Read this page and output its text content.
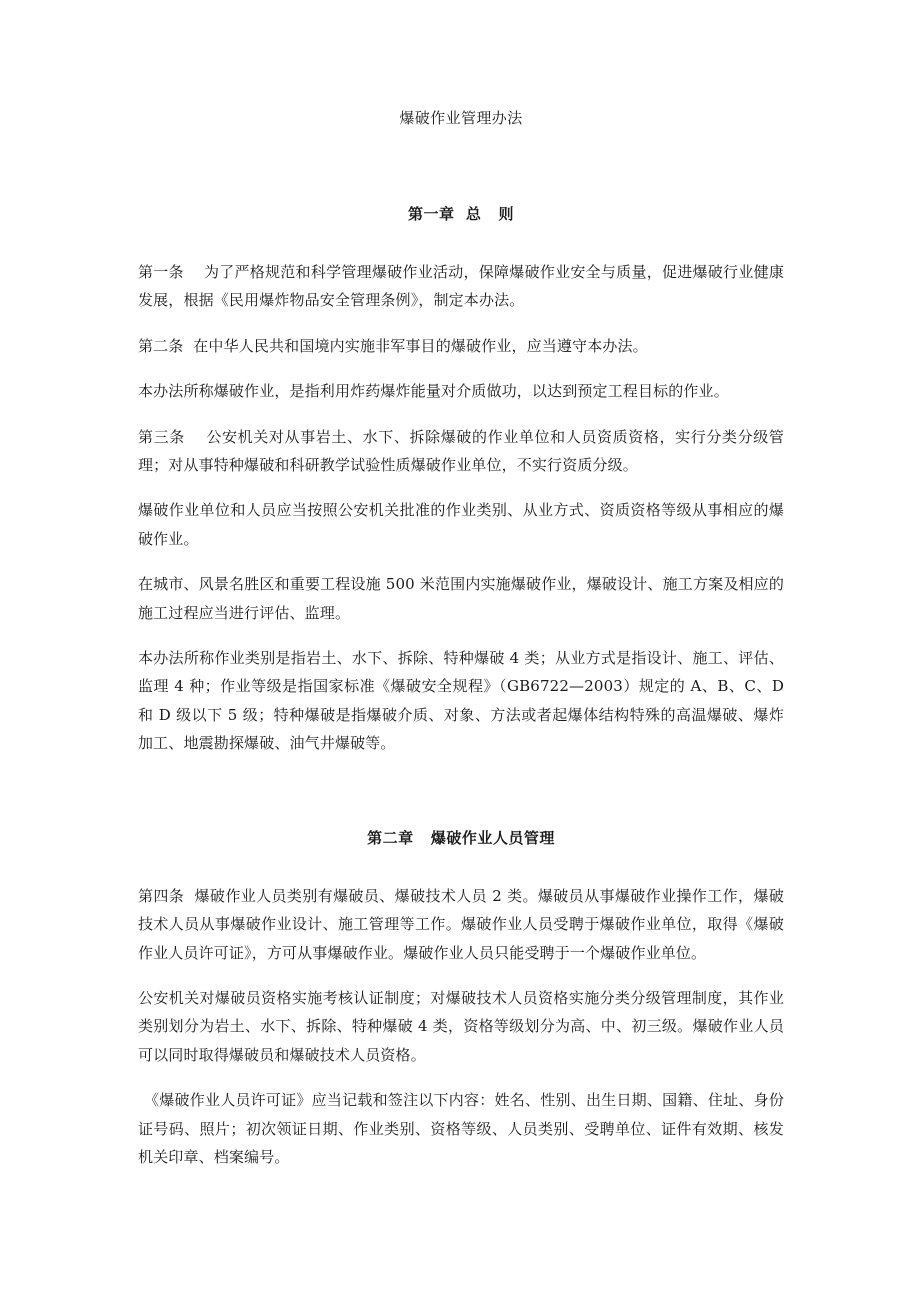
爆破作业管理办法
第一章  总   则

第一条    为了严格规范和科学管理爆破作业活动，保障爆破作业安全与质量，促进爆破行业健康发展，根据《民用爆炸物品安全管理条例》，制定本办法。

第二条  在中华人民共和国境内实施非军事目的爆破作业，应当遵守本办法。

本办法所称爆破作业，是指利用炸药爆炸能量对介质做功，以达到预定工程目标的作业。

第三条    公安机关对从事岩土、水下、拆除爆破的作业单位和人员资质资格，实行分类分级管理；对从事特种爆破和科研教学试验性质爆破作业单位，不实行资质分级。

爆破作业单位和人员应当按照公安机关批准的作业类别、从业方式、资质资格等级从事相应的爆破作业。

在城市、风景名胜区和重要工程设施 500 米范围内实施爆破作业，爆破设计、施工方案及相应的施工过程应当进行评估、监理。

本办法所称作业类别是指岩土、水下、拆除、特种爆破 4 类；从业方式是指设计、施工、评估、监理 4 种；作业等级是指国家标准《爆破安全规程》（GB6722—2003）规定的 A、B、C、D 和 D 级以下 5 级；特种爆破是指爆破介质、对象、方法或者起爆体结构特殊的高温爆破、爆炸加工、地震勘探爆破、油气井爆破等。

第二章   爆破作业人员管理

第四条  爆破作业人员类别有爆破员、爆破技术人员 2 类。爆破员从事爆破作业操作工作，爆破技术人员从事爆破作业设计、施工管理等工作。爆破作业人员受聘于爆破作业单位，取得《爆破作业人员许可证》，方可从事爆破作业。爆破作业人员只能受聘于一个爆破作业单位。

公安机关对爆破员资格实施考核认证制度；对爆破技术人员资格实施分类分级管理制度，其作业类别划分为岩土、水下、拆除、特种爆破 4 类，资格等级划分为高、中、初三级。爆破作业人员可以同时取得爆破员和爆破技术人员资格。

《爆破作业人员许可证》应当记载和签注以下内容：姓名、性别、出生日期、国籍、住址、身份证号码、照片；初次领证日期、作业类别、资格等级、人员类别、受聘单位、证件有效期、核发机关印章、档案编号。
